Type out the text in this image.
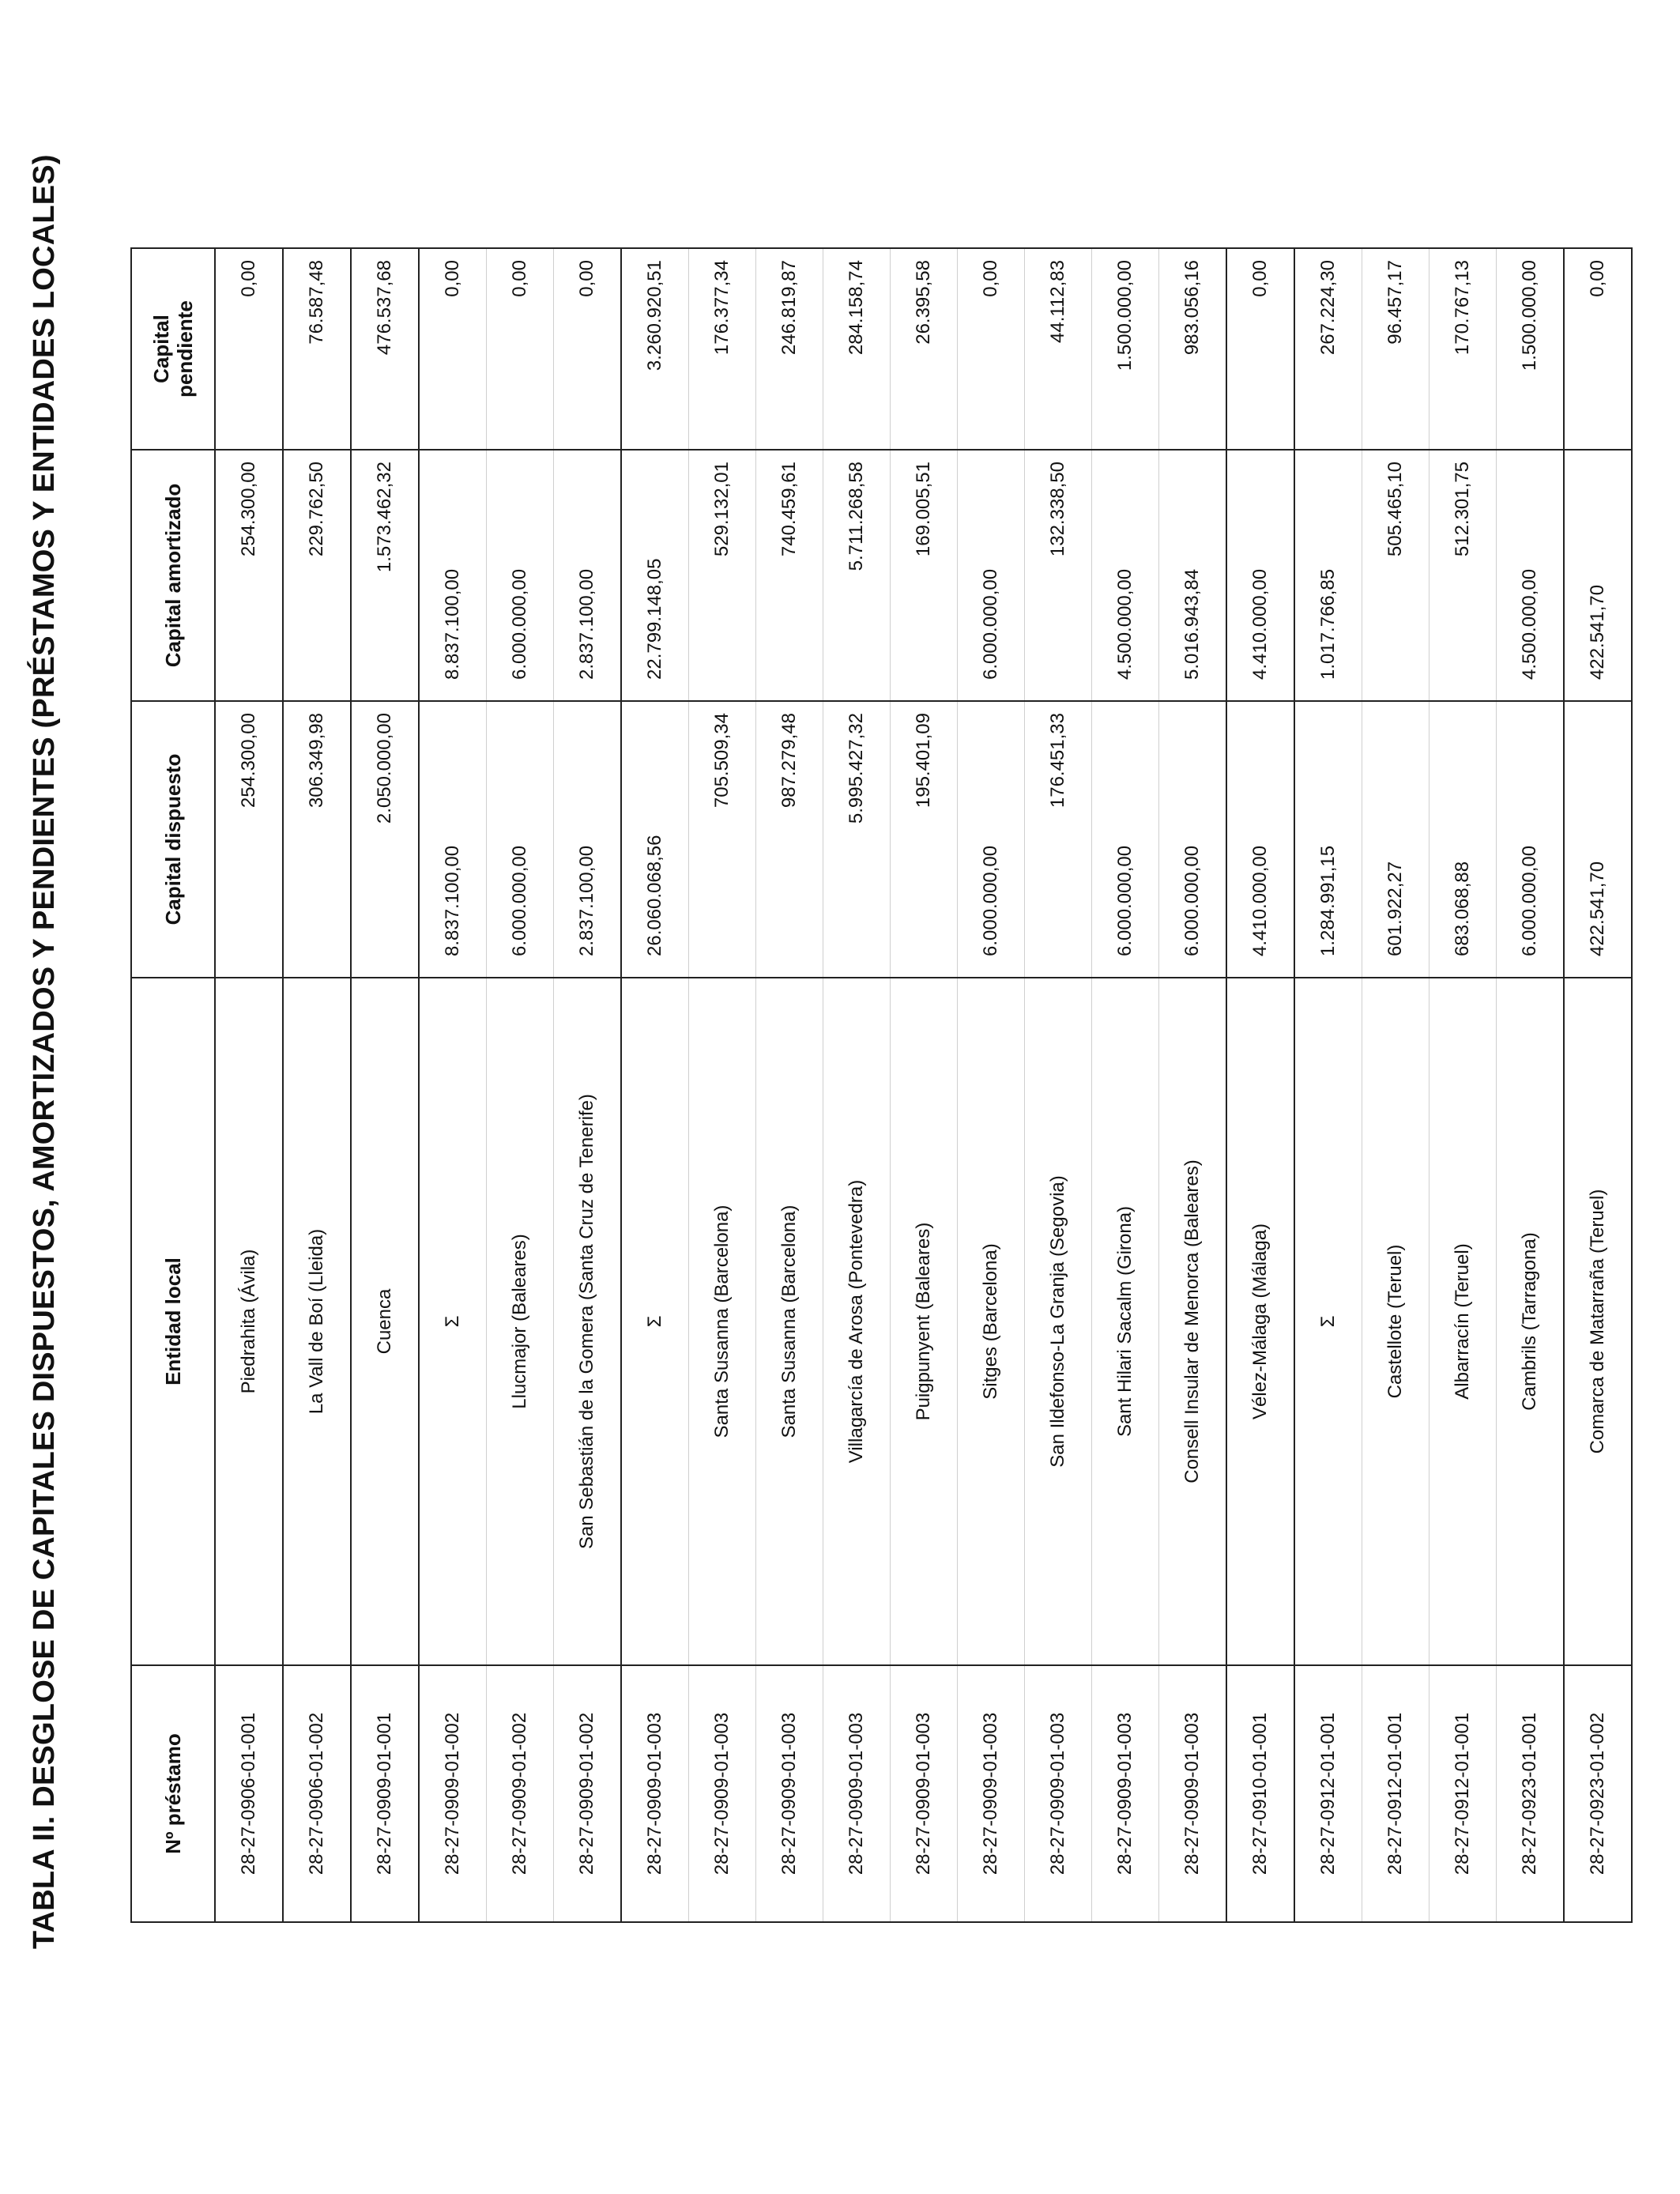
TABLA II. DESGLOSE DE CAPITALES DISPUESTOS, AMORTIZADOS Y PENDIENTES (PRÉSTAMOS Y ENTIDADES LOCALES)	Nº préstamo	Entidad local	Capital dispuesto	Capital amortizado	Capital
pendiente
28-27-0906-01-001	Piedrahita (Ávila)	254.300,00	254.300,00	0,00
28-27-0906-01-002	La Vall de Boí (Lleida)	306.349,98	229.762,50	76.587,48
28-27-0909-01-001	Cuenca	2.050.000,00	1.573.462,32	476.537,68
28-27-0909-01-002	Σ	8.837.100,00	8.837.100,00	0,00
28-27-0909-01-002	Llucmajor (Baleares)	6.000.000,00	6.000.000,00	0,00
28-27-0909-01-002	San Sebastián de la Gomera (Santa Cruz de Tenerife)	2.837.100,00	2.837.100,00	0,00
28-27-0909-01-003	Σ	26.060.068,56	22.799.148,05	3.260.920,51
28-27-0909-01-003	Santa Susanna (Barcelona)	705.509,34	529.132,01	176.377,34
28-27-0909-01-003	Santa Susanna (Barcelona)	987.279,48	740.459,61	246.819,87
28-27-0909-01-003	Villagarcía de Arosa (Pontevedra)	5.995.427,32	5.711.268,58	284.158,74
28-27-0909-01-003	Puigpunyent (Baleares)	195.401,09	169.005,51	26.395,58
28-27-0909-01-003	Sitges (Barcelona)	6.000.000,00	6.000.000,00	0,00
28-27-0909-01-003	San Ildefonso-La Granja (Segovia)	176.451,33	132.338,50	44.112,83
28-27-0909-01-003	Sant Hilari Sacalm (Girona)	6.000.000,00	4.500.000,00	1.500.000,00
28-27-0909-01-003	Consell Insular de Menorca (Baleares)	6.000.000,00	5.016.943,84	983.056,16
28-27-0910-01-001	Vélez-Málaga (Málaga)	4.410.000,00	4.410.000,00	0,00
28-27-0912-01-001	Σ	1.284.991,15	1.017.766,85	267.224,30
28-27-0912-01-001	Castellote (Teruel)	601.922,27	505.465,10	96.457,17
28-27-0912-01-001	Albarracín (Teruel)	683.068,88	512.301,75	170.767,13
28-27-0923-01-001	Cambrils (Tarragona)	6.000.000,00	4.500.000,00	1.500.000,00
28-27-0923-01-002	Comarca de Matarraña (Teruel)	422.541,70	422.541,70	0,00
